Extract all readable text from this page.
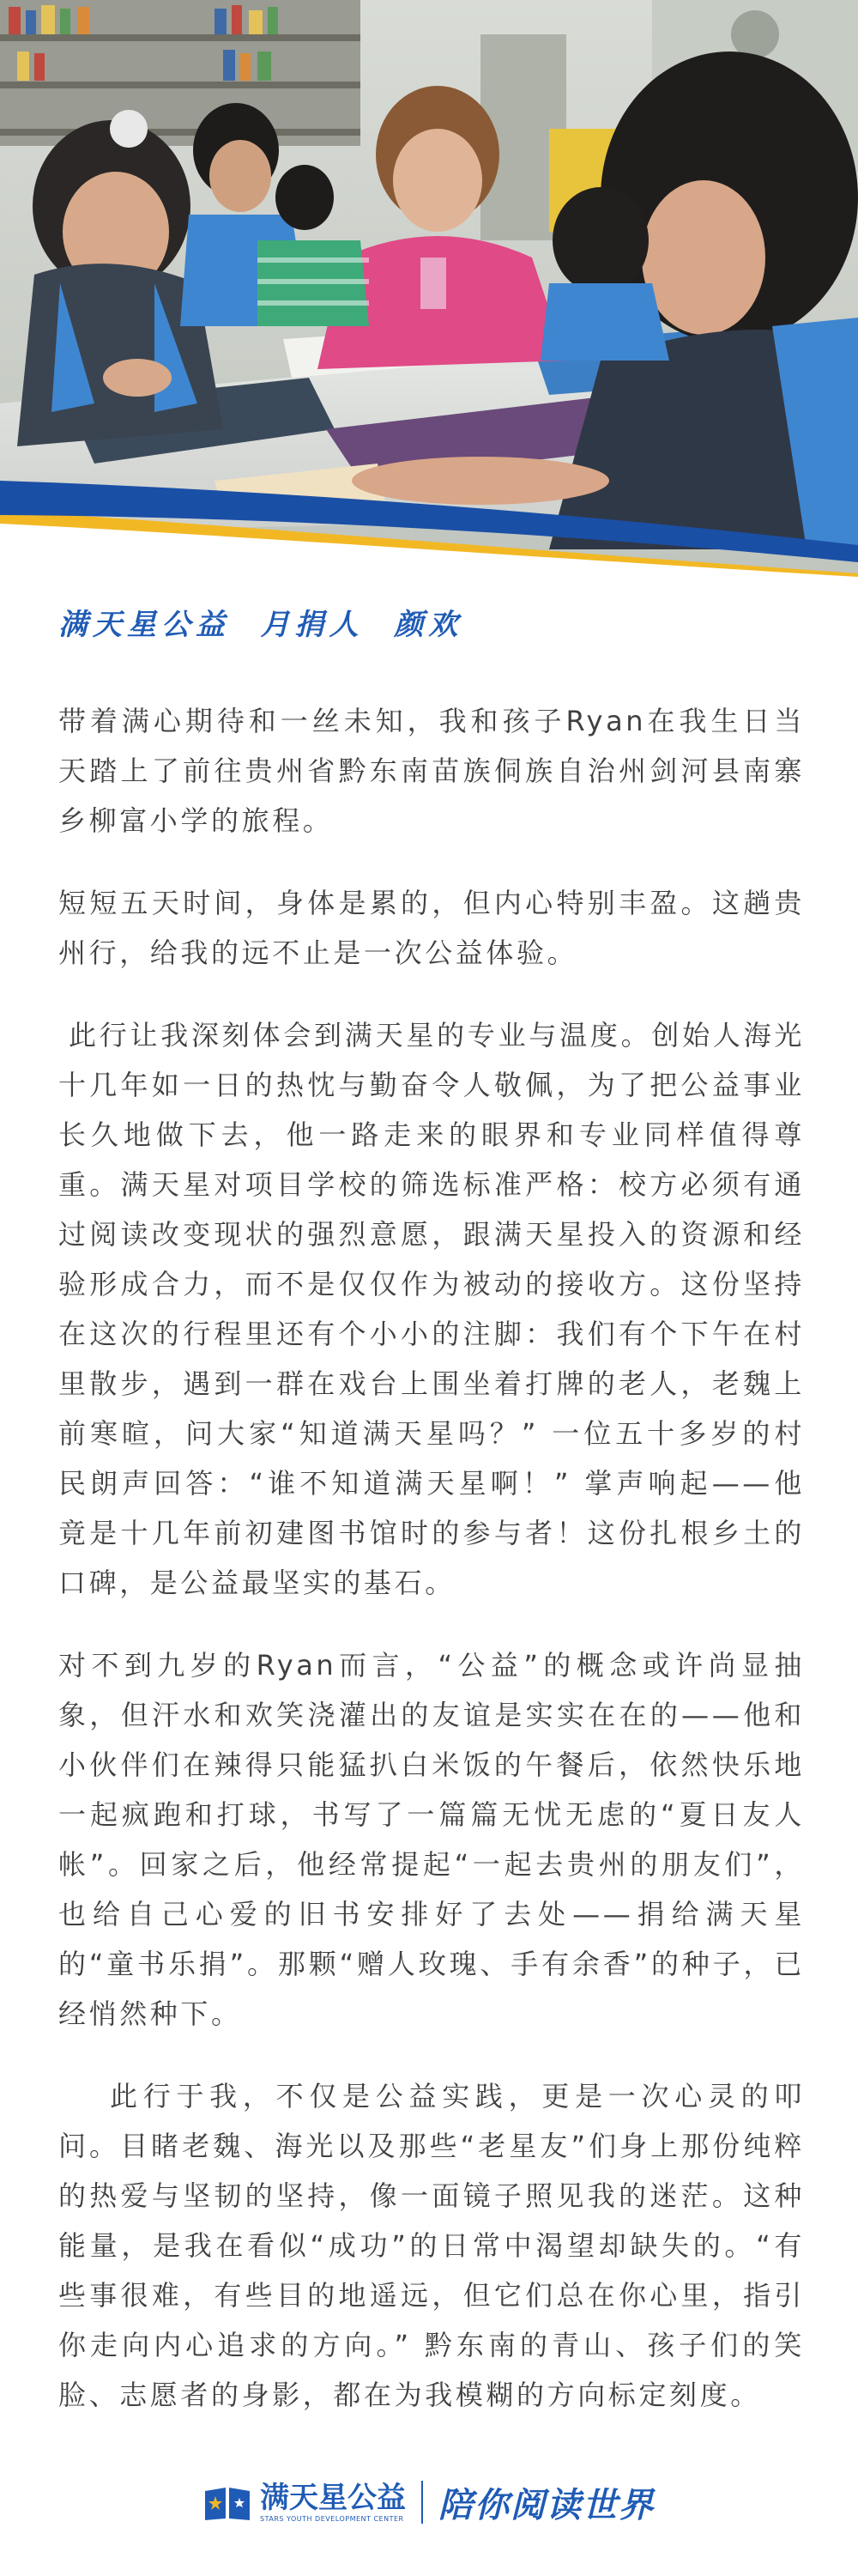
满天星公益  月捐人  颜欢

带着满心期待和一丝未知，我和孩子Ryan在我生日当天踏上了前往贵州省黔东南苗族侗族自治州剑河县南寨乡柳富小学的旅程。

短短五天时间，身体是累的，但内心特别丰盈。这趟贵州行，给我的远不止是一次公益体验。

此行让我深刻体会到满天星的专业与温度。创始人海光十几年如一日的热忱与勤奋令人敬佩，为了把公益事业长久地做下去，他一路走来的眼界和专业同样值得尊重。满天星对项目学校的筛选标准严格：校方必须有通过阅读改变现状的强烈意愿，跟满天星投入的资源和经验形成合力，而不是仅仅作为被动的接收方。这份坚持在这次的行程里还有个小小的注脚：我们有个下午在村里散步，遇到一群在戏台上围坐着打牌的老人，老魏上前寒暄，问大家“知道满天星吗？” 一位五十多岁的村民朗声回答：“谁不知道满天星啊！” 掌声响起——他竟是十几年前初建图书馆时的参与者！这份扎根乡土的口碑，是公益最坚实的基石。

对不到九岁的Ryan而言，“公益”的概念或许尚显抽象，但汗水和欢笑浇灌出的友谊是实实在在的——他和小伙伴们在辣得只能猛扒白米饭的午餐后，依然快乐地一起疯跑和打球，书写了一篇篇无忧无虑的“夏日友人帐”。回家之后，他经常提起“一起去贵州的朋友们”，也给自己心爱的旧书安排好了去处——捐给满天星的“童书乐捐”。那颗“赠人玫瑰、手有余香”的种子，已经悄然种下。

此行于我，不仅是公益实践，更是一次心灵的叩问。目睹老魏、海光以及那些“老星友”们身上那份纯粹的热爱与坚韧的坚持，像一面镜子照见我的迷茫。这种能量，是我在看似“成功”的日常中渴望却缺失的。“有些事很难，有些目的地遥远，但它们总在你心里，指引你走向内心追求的方向。” 黔东南的青山、孩子们的笑脸、志愿者的身影，都在为我模糊的方向标定刻度。

满天星公益
STARS YOUTH DEVELOPMENT CENTER 陪你阅读世界
